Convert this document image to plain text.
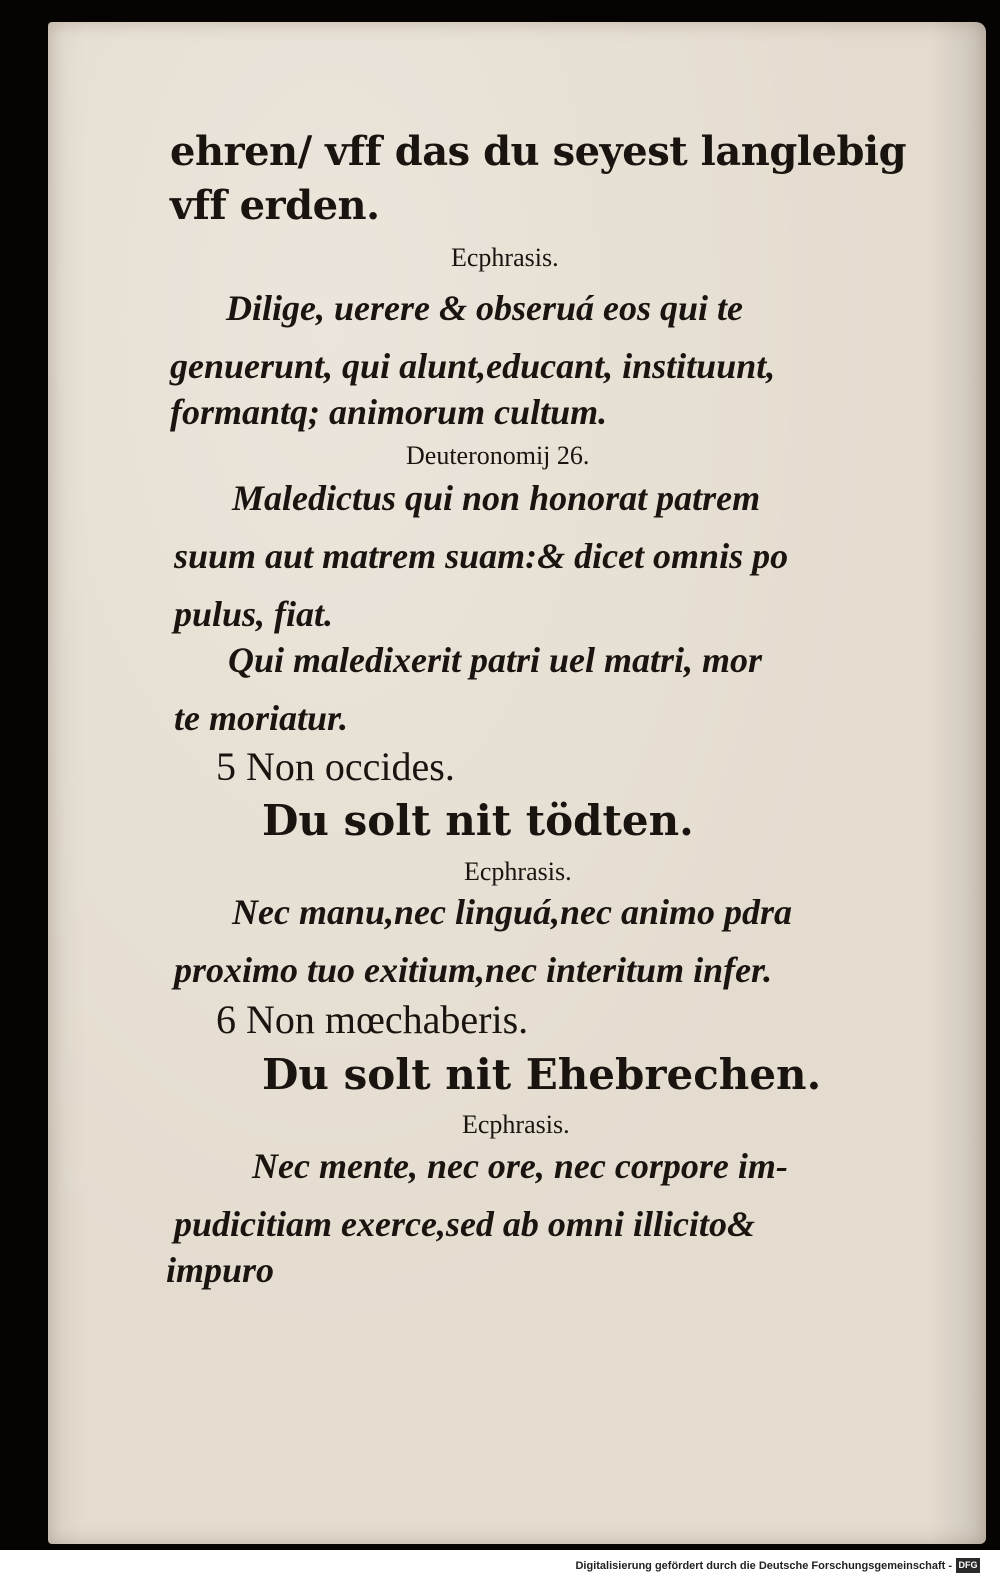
ehren/ vff das du seyest langlebig
vff erden.
Ecphrasis.
Dilige, uerere & obseruá eos qui te
genuerunt, qui alunt,educant, instituunt,
formantq; animorum cultum.
Deuteronomij 26.
Maledictus qui non honorat patrem
suum aut matrem suam:& dicet omnis po
pulus, fiat.
Qui maledixerit patri uel matri, mor
te moriatur.
5 Non occides.
Du solt nit tödten.
Ecphrasis.
Nec manu,nec linguá,nec animo pdra
proximo tuo exitium,nec interitum infer.
6 Non mœchaberis.
Du solt nit Ehebrechen.
Ecphrasis.
Nec mente, nec ore, nec corpore im-
pudicitiam exerce,sed ab omni illicito&
impuro
Digitalisierung gefördert durch die Deutsche Forschungsgemeinschaft - DFG
